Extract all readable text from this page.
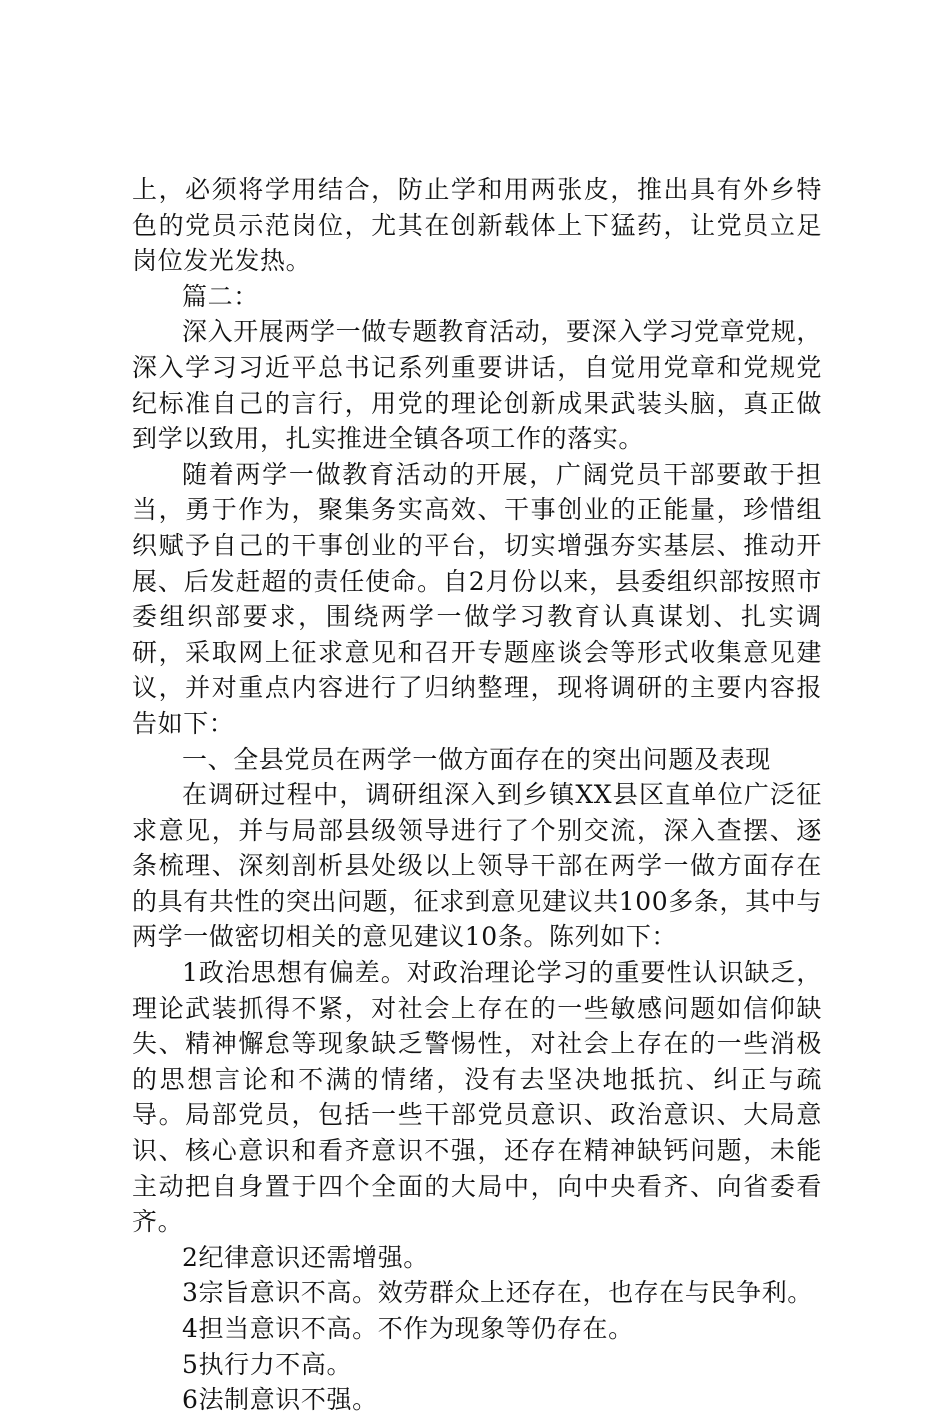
上，必须将学用结合，防止学和用两张皮，推出具有外乡特色的党员示范岗位，尤其在创新载体上下猛药，让党员立足岗位发光发热。

篇二：

深入开展两学一做专题教育活动，要深入学习党章党规，深入学习习近平总书记系列重要讲话，自觉用党章和党规党纪标准自己的言行，用党的理论创新成果武装头脑，真正做到学以致用，扎实推进全镇各项工作的落实。

随着两学一做教育活动的开展，广阔党员干部要敢于担当，勇于作为，聚集务实高效、干事创业的正能量，珍惜组织赋予自己的干事创业的平台，切实增强夯实基层、推动开展、后发赶超的责任使命。自2月份以来，县委组织部按照市委组织部要求，围绕两学一做学习教育认真谋划、扎实调研，采取网上征求意见和召开专题座谈会等形式收集意见建议，并对重点内容进行了归纳整理，现将调研的主要内容报告如下：

一、全县党员在两学一做方面存在的突出问题及表现

在调研过程中，调研组深入到乡镇XX县区直单位广泛征求意见，并与局部县级领导进行了个别交流，深入查摆、逐条梳理、深刻剖析县处级以上领导干部在两学一做方面存在的具有共性的突出问题，征求到意见建议共100多条，其中与两学一做密切相关的意见建议10条。陈列如下：

1政治思想有偏差。对政治理论学习的重要性认识缺乏，理论武装抓得不紧，对社会上存在的一些敏感问题如信仰缺失、精神懈怠等现象缺乏警惕性，对社会上存在的一些消极的思想言论和不满的情绪，没有去坚决地抵抗、纠正与疏导。局部党员，包括一些干部党员意识、政治意识、大局意识、核心意识和看齐意识不强，还存在精神缺钙问题，未能主动把自身置于四个全面的大局中，向中央看齐、向省委看齐。

2纪律意识还需增强。

3宗旨意识不高。效劳群众上还存在，也存在与民争利。

4担当意识不高。不作为现象等仍存在。

5执行力不高。

6法制意识不强。
